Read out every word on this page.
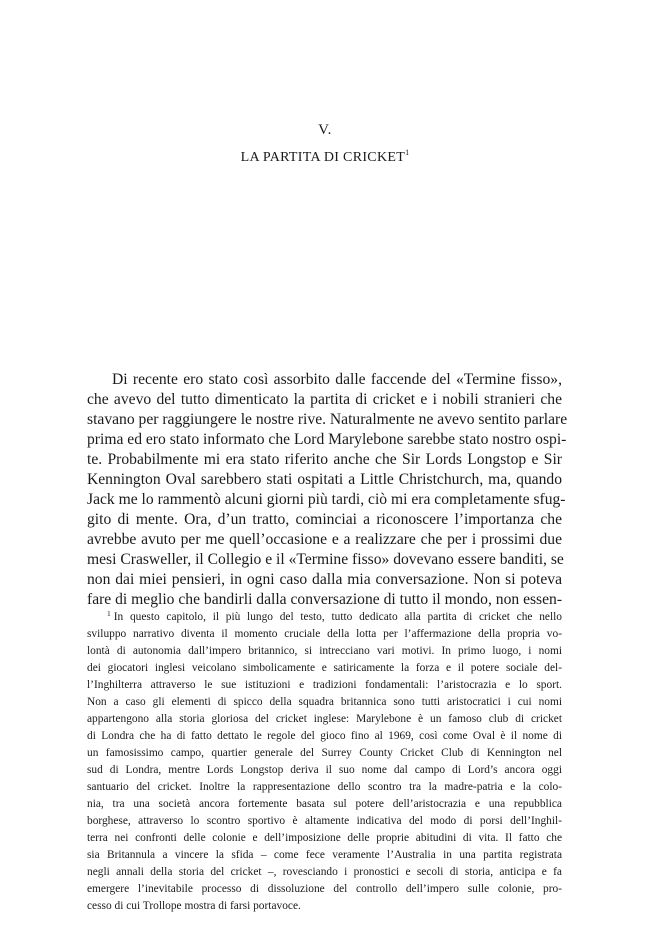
V.
LA PARTITA DI CRICKET$^1$
Di recente ero stato così assorbito dalle faccende del «Termine fisso»,
che avevo del tutto dimenticato la partita di cricket e i nobili stranieri che
stavano per raggiungere le nostre rive. Naturalmente ne avevo sentito parlare
prima ed ero stato informato che Lord Marylebone sarebbe stato nostro ospi-
te. Probabilmente mi era stato riferito anche che Sir Lords Longstop e Sir
Kennington Oval sarebbero stati ospitati a Little Christchurch, ma, quando
Jack me lo rammentò alcuni giorni più tardi, ciò mi era completamente sfug-
gito di mente. Ora, d’un tratto, cominciai a riconoscere l’importanza che
avrebbe avuto per me quell’occasione e a realizzare che per i prossimi due
mesi Crasweller, il Collegio e il «Termine fisso» dovevano essere banditi, se
non dai miei pensieri, in ogni caso dalla mia conversazione. Non si poteva
fare di meglio che bandirli dalla conversazione di tutto il mondo, non essen-
$^1$ In questo capitolo, il più lungo del testo, tutto dedicato alla partita di cricket che nello
sviluppo narrativo diventa il momento cruciale della lotta per l’affermazione della propria vo-
lontà di autonomia dall’impero britannico, si intrecciano vari motivi. In primo luogo, i nomi
dei giocatori inglesi veicolano simbolicamente e satiricamente la forza e il potere sociale del-
l’Inghilterra attraverso le sue istituzioni e tradizioni fondamentali: l’aristocrazia e lo sport.
Non a caso gli elementi di spicco della squadra britannica sono tutti aristocratici i cui nomi
appartengono alla storia gloriosa del cricket inglese: Marylebone è un famoso club di cricket
di Londra che ha di fatto dettato le regole del gioco fino al 1969, così come Oval è il nome di
un famosissimo campo, quartier generale del Surrey County Cricket Club di Kennington nel
sud di Londra, mentre Lords Longstop deriva il suo nome dal campo di Lord’s ancora oggi
santuario del cricket. Inoltre la rappresentazione dello scontro tra la madre-patria e la colo-
nia, tra una società ancora fortemente basata sul potere dell’aristocrazia e una repubblica
borghese, attraverso lo scontro sportivo è altamente indicativa del modo di porsi dell’Inghil-
terra nei confronti delle colonie e dell’imposizione delle proprie abitudini di vita. Il fatto che
sia Britannula a vincere la sfida – come fece veramente l’Australia in una partita registrata
negli annali della storia del cricket –, rovesciando i pronostici e secoli di storia, anticipa e fa
emergere l’inevitabile processo di dissoluzione del controllo dell’impero sulle colonie, pro-
cesso di cui Trollope mostra di farsi portavoce.
